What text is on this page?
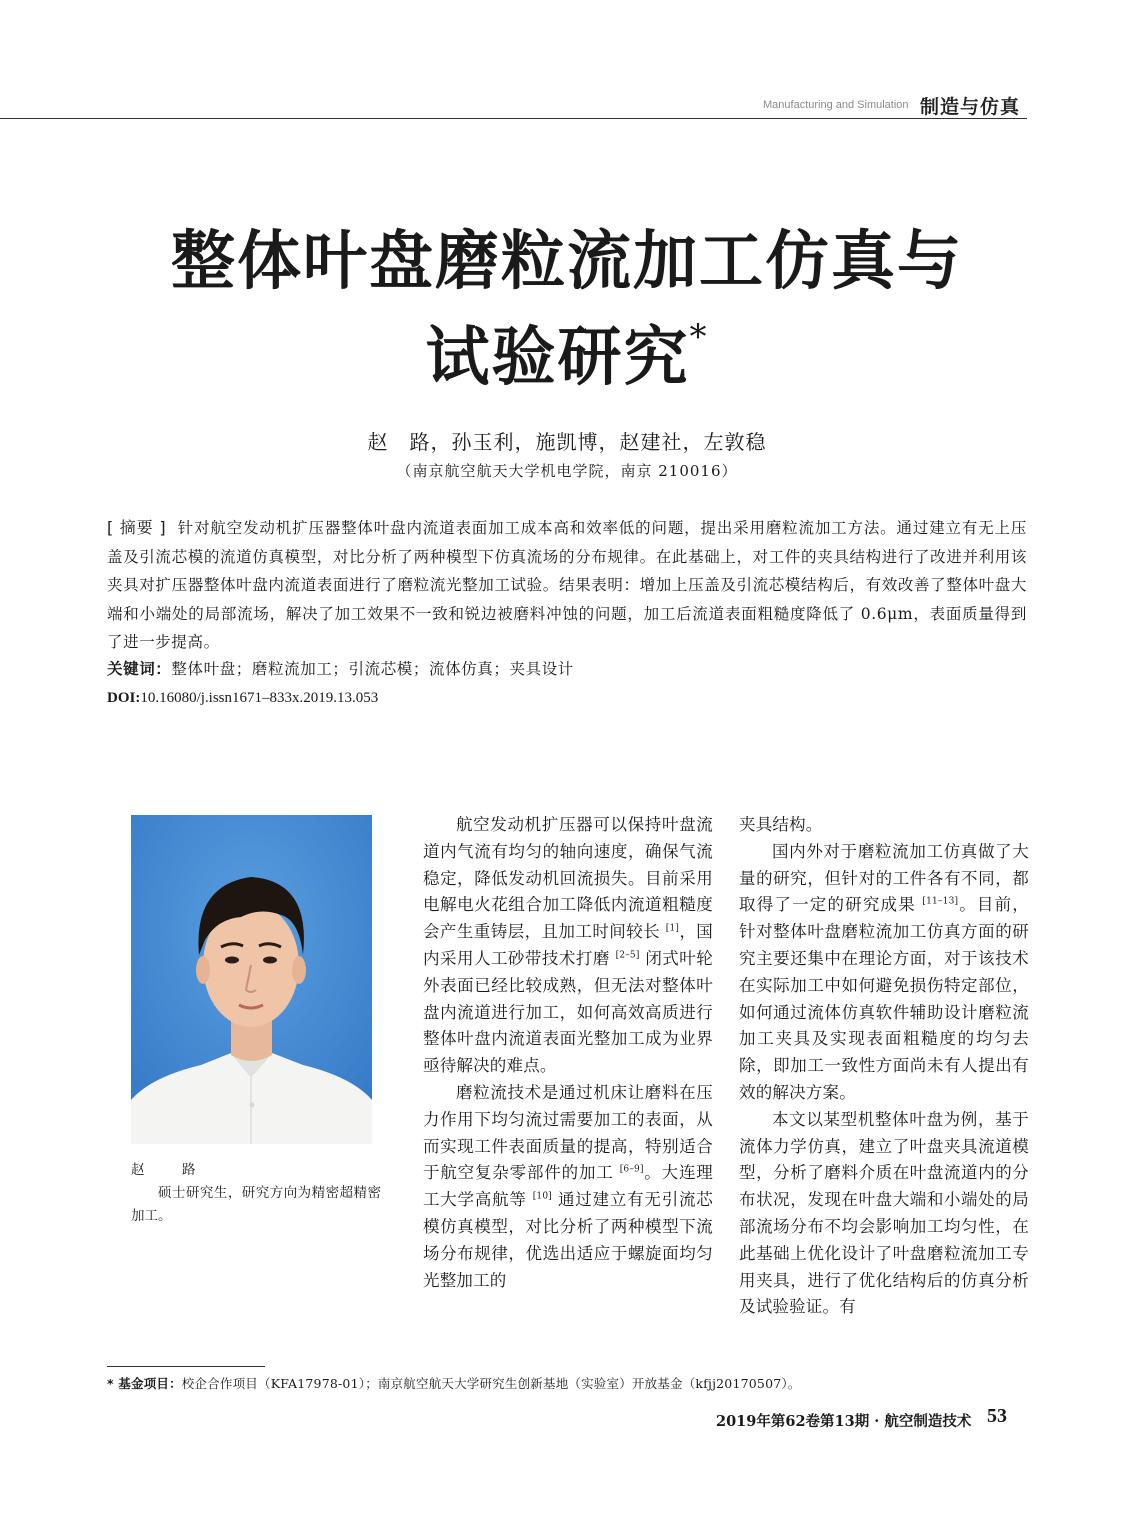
Manufacturing and Simulation 制造与仿真
整体叶盘磨粒流加工仿真与
试验研究*
赵　路，孙玉利，施凯博，赵建社，左敦稳
（南京航空航天大学机电学院，南京 210016）
[ 摘要 ] 针对航空发动机扩压器整体叶盘内流道表面加工成本高和效率低的问题，提出采用磨粒流加工方法。通过建立有无上压盖及引流芯模的流道仿真模型，对比分析了两种模型下仿真流场的分布规律。在此基础上，对工件的夹具结构进行了改进并利用该夹具对扩压器整体叶盘内流道表面进行了磨粒流光整加工试验。结果表明：增加上压盖及引流芯模结构后，有效改善了整体叶盘大端和小端处的局部流场，解决了加工效果不一致和锐边被磨料冲蚀的问题，加工后流道表面粗糙度降低了 0.6μm，表面质量得到了进一步提高。
关键词：整体叶盘；磨粒流加工；引流芯模；流体仿真；夹具设计
DOI:10.16080/j.issn1671–833x.2019.13.053
赵　路
硕士研究生，研究方向为精密超精密加工。

航空发动机扩压器可以保持叶盘流道内气流有均匀的轴向速度，确保气流稳定，降低发动机回流损失。目前采用电解电火花组合加工降低内流道粗糙度会产生重铸层，且加工时间较长 [1]，国内采用人工砂带技术打磨 [2–5] 闭式叶轮外表面已经比较成熟，但无法对整体叶盘内流道进行加工，如何高效高质进行整体叶盘内流道表面光整加工成为业界亟待解决的难点。

磨粒流技术是通过机床让磨料在压力作用下均匀流过需要加工的表面，从而实现工件表面质量的提高，特别适合于航空复杂零部件的加工 [6–9]。大连理工大学高航等 [10] 通过建立有无引流芯模仿真模型，对比分析了两种模型下流场分布规律，优选出适应于螺旋面均匀光整加工的

夹具结构。

国内外对于磨粒流加工仿真做了大量的研究，但针对的工件各有不同，都取得了一定的研究成果 [11–13]。目前，针对整体叶盘磨粒流加工仿真方面的研究主要还集中在理论方面，对于该技术在实际加工中如何避免损伤特定部位，如何通过流体仿真软件辅助设计磨粒流加工夹具及实现表面粗糙度的均匀去除，即加工一致性方面尚未有人提出有效的解决方案。

本文以某型机整体叶盘为例，基于流体力学仿真，建立了叶盘夹具流道模型，分析了磨料介质在叶盘流道内的分布状况，发现在叶盘大端和小端处的局部流场分布不均会影响加工均匀性，在此基础上优化设计了叶盘磨粒流加工专用夹具，进行了优化结构后的仿真分析及试验验证。有

* 基金项目：校企合作项目（KFA17978-01）；南京航空航天大学研究生创新基地（实验室）开放基金（kfjj20170507）。
2019年第62卷第13期 · 航空制造技术 53
